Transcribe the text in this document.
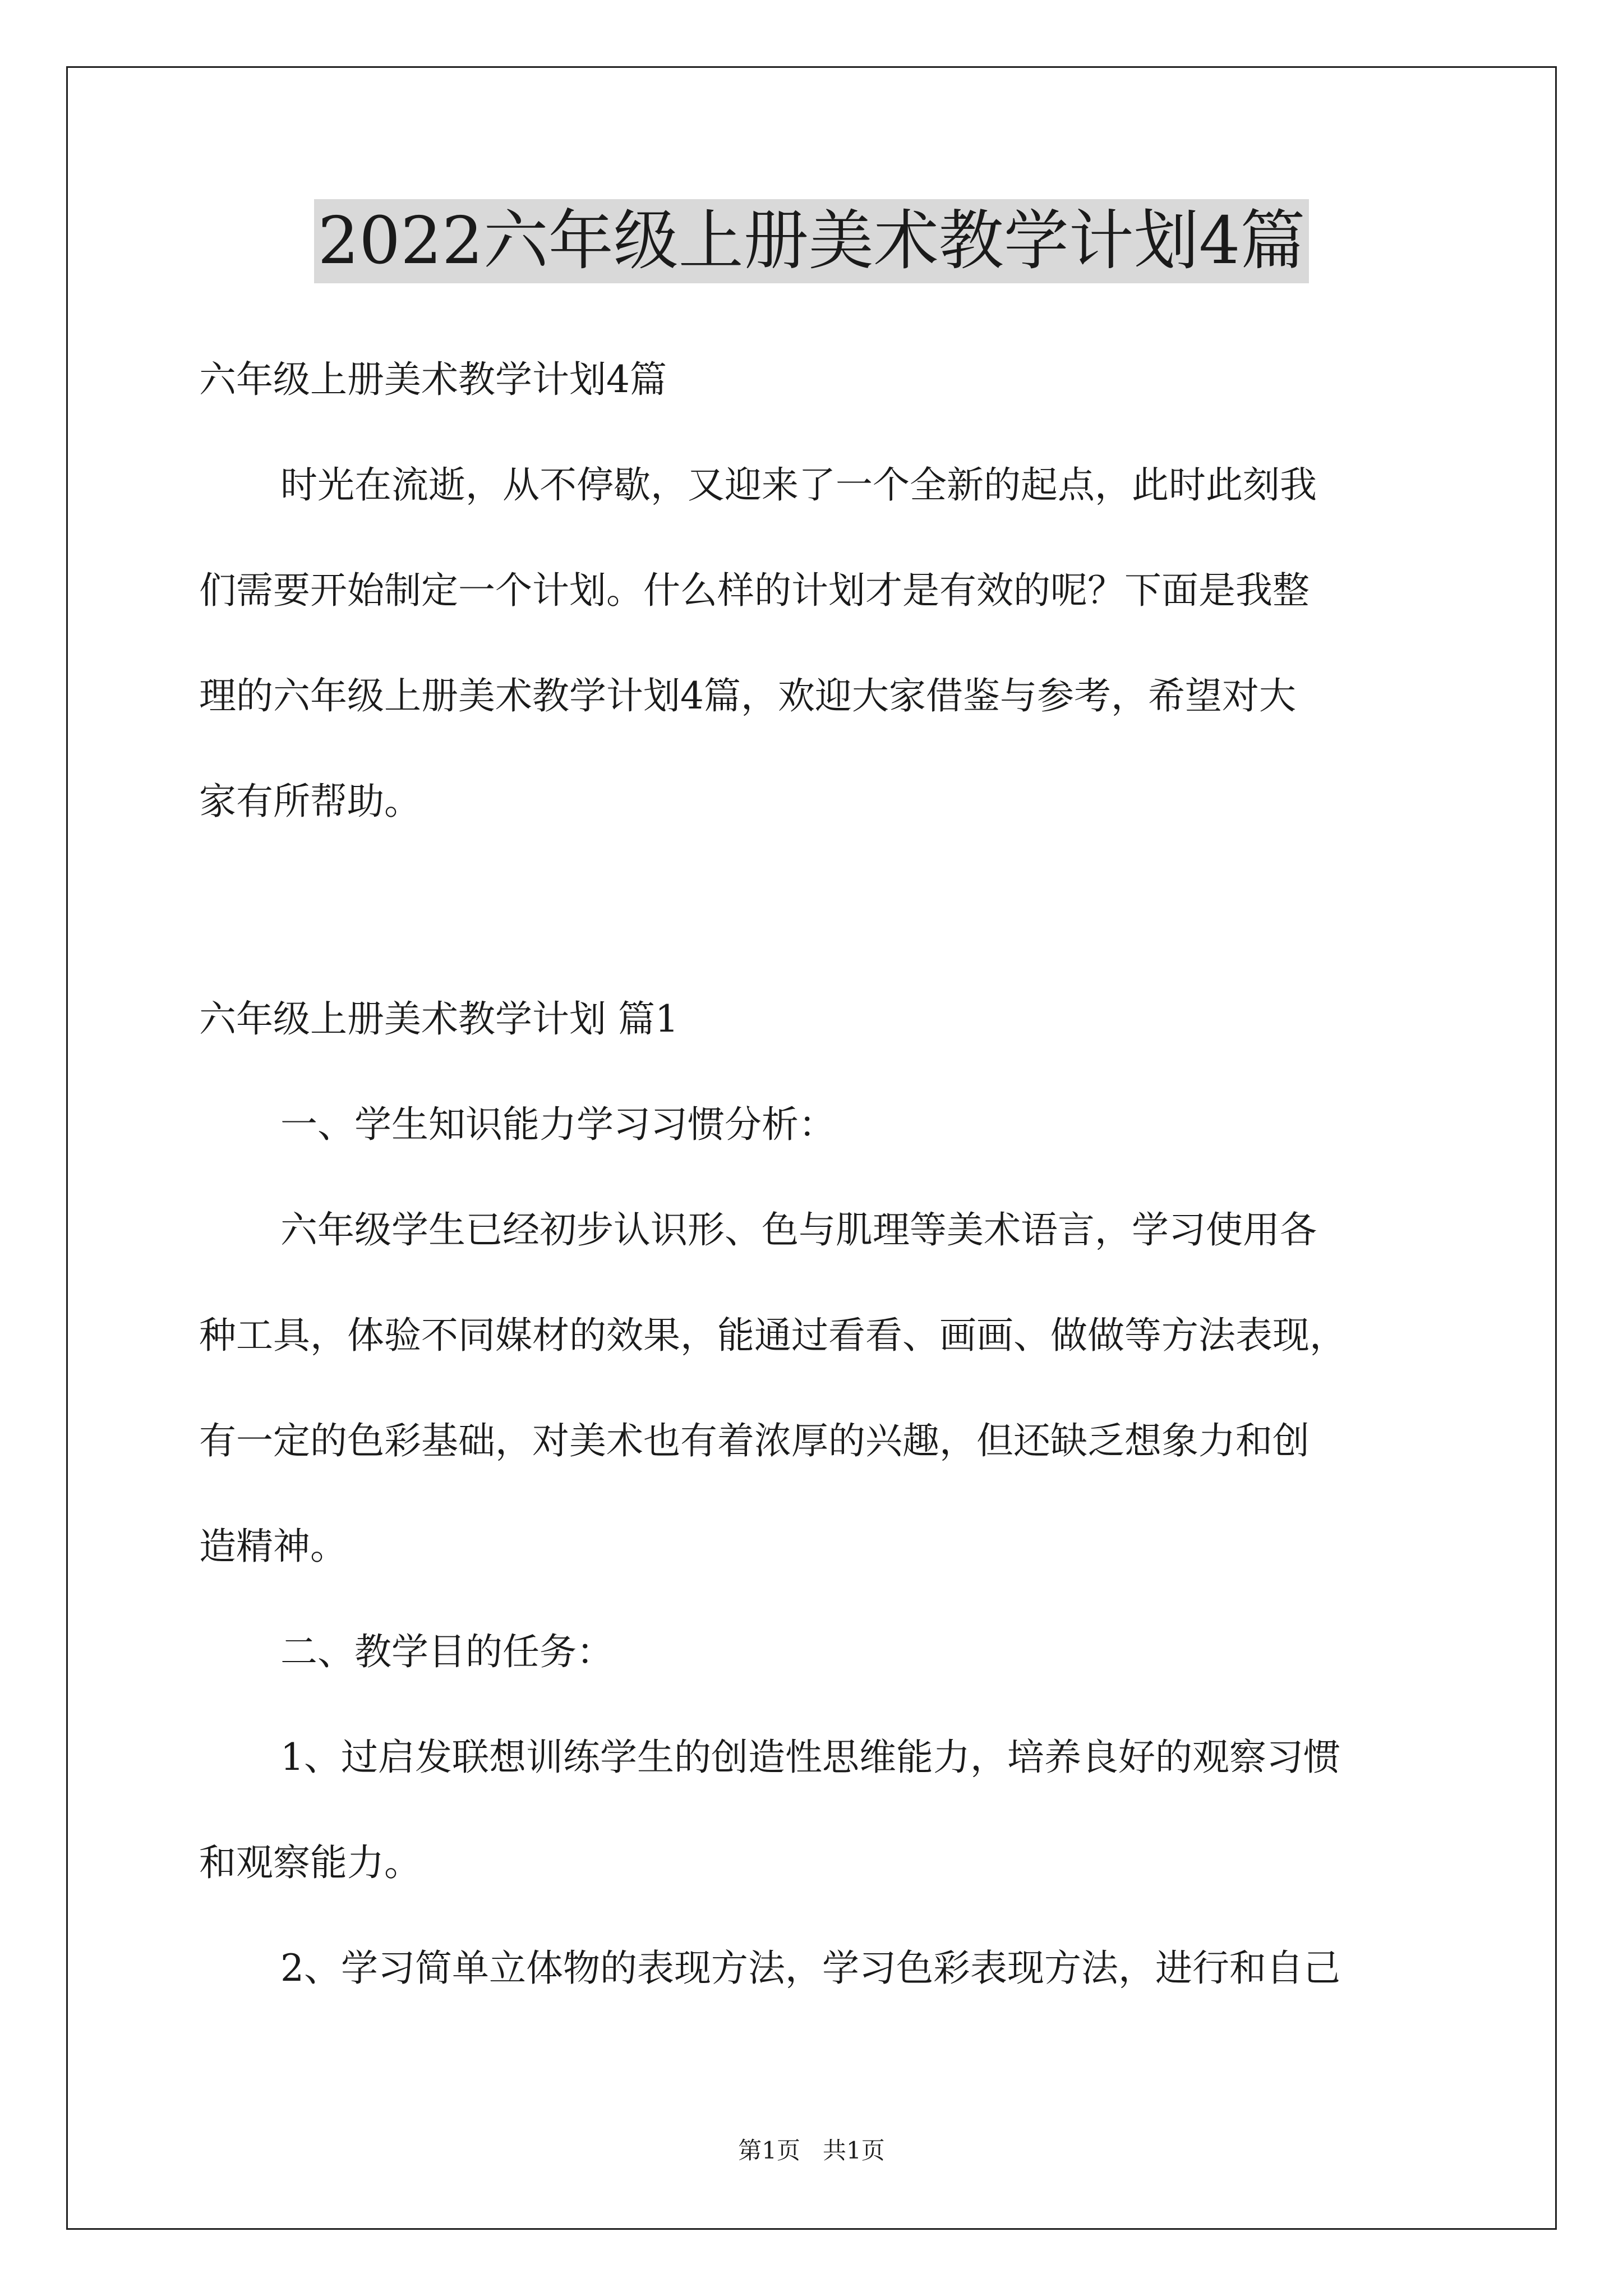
2022六年级上册美术教学计划4篇
六年级上册美术教学计划4篇
时光在流逝，从不停歇，又迎来了一个全新的起点，此时此刻我
们需要开始制定一个计划。什么样的计划才是有效的呢？下面是我整
理的六年级上册美术教学计划4篇，欢迎大家借鉴与参考，希望对大
家有所帮助。
六年级上册美术教学计划 篇1
一、学生知识能力学习习惯分析：
六年级学生已经初步认识形、色与肌理等美术语言，学习使用各
种工具，体验不同媒材的效果，能通过看看、画画、做做等方法表现，
有一定的色彩基础，对美术也有着浓厚的兴趣，但还缺乏想象力和创
造精神。
二、教学目的任务：
1、过启发联想训练学生的创造性思维能力，培养良好的观察习惯
和观察能力。
2、学习简单立体物的表现方法，学习色彩表现方法，进行和自己
第1页 共1页
